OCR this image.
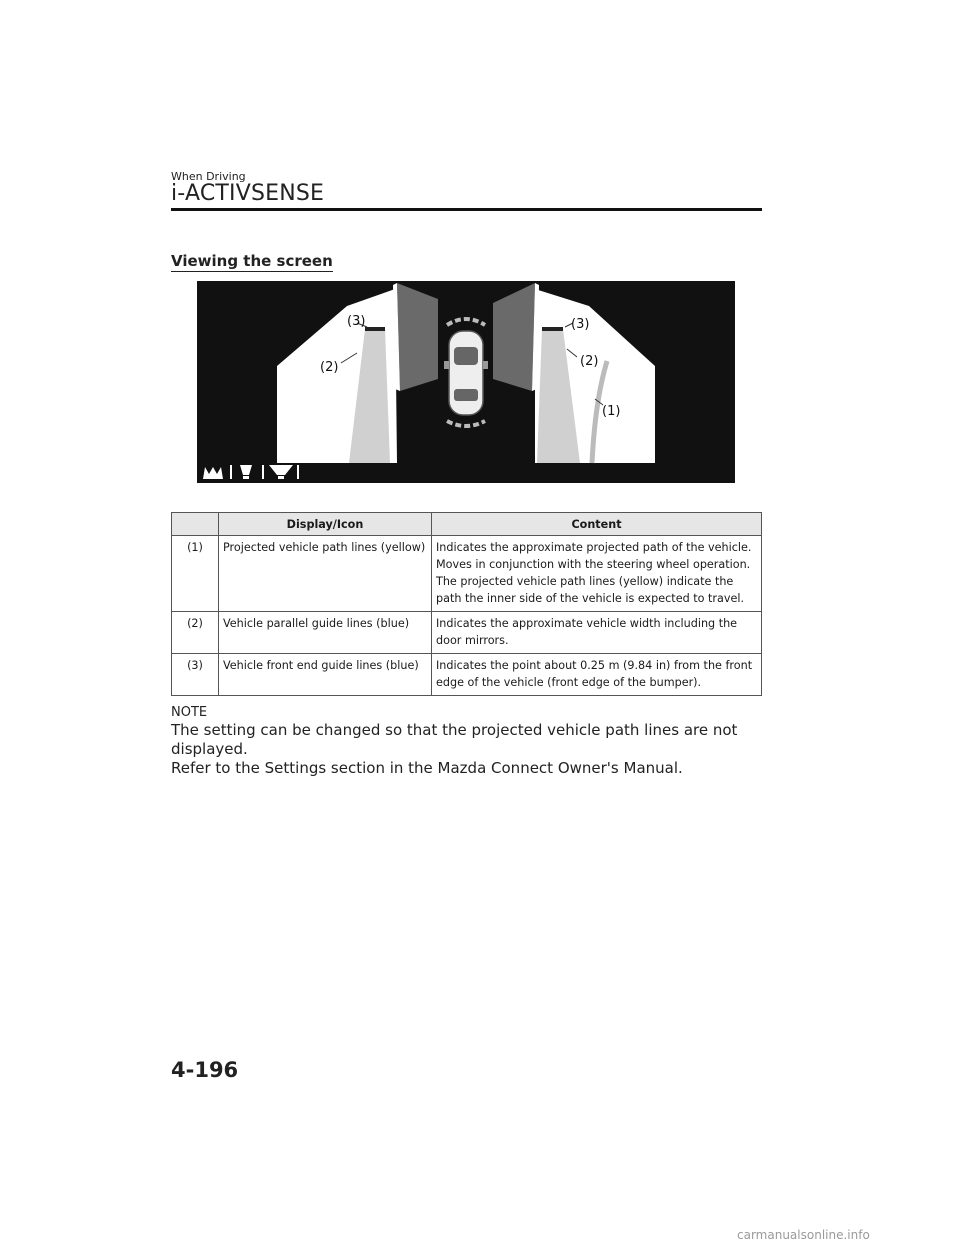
When Driving
i-ACTIVSENSE
Viewing the screen
(3)
(2)
(3)
(2)
(1)
	Display/Icon	Content
(1)	Projected vehicle path lines (yellow)	Indicates the approximate projected path of the vehicle. Moves in conjunction with the steering wheel operation. The projected vehicle path lines (yellow) indicate the path the inner side of the vehicle is expected to travel.
(2)	Vehicle parallel guide lines (blue)	Indicates the approximate vehicle width including the door mirrors.
(3)	Vehicle front end guide lines (blue)	Indicates the point about 0.25 m (9.84 in) from the front edge of the vehicle (front edge of the bumper).
NOTE

The setting can be changed so that the projected vehicle path lines are not displayed.

Refer to the Settings section in the Mazda Connect Owner's Manual.

4-196
carmanualsonline.info
